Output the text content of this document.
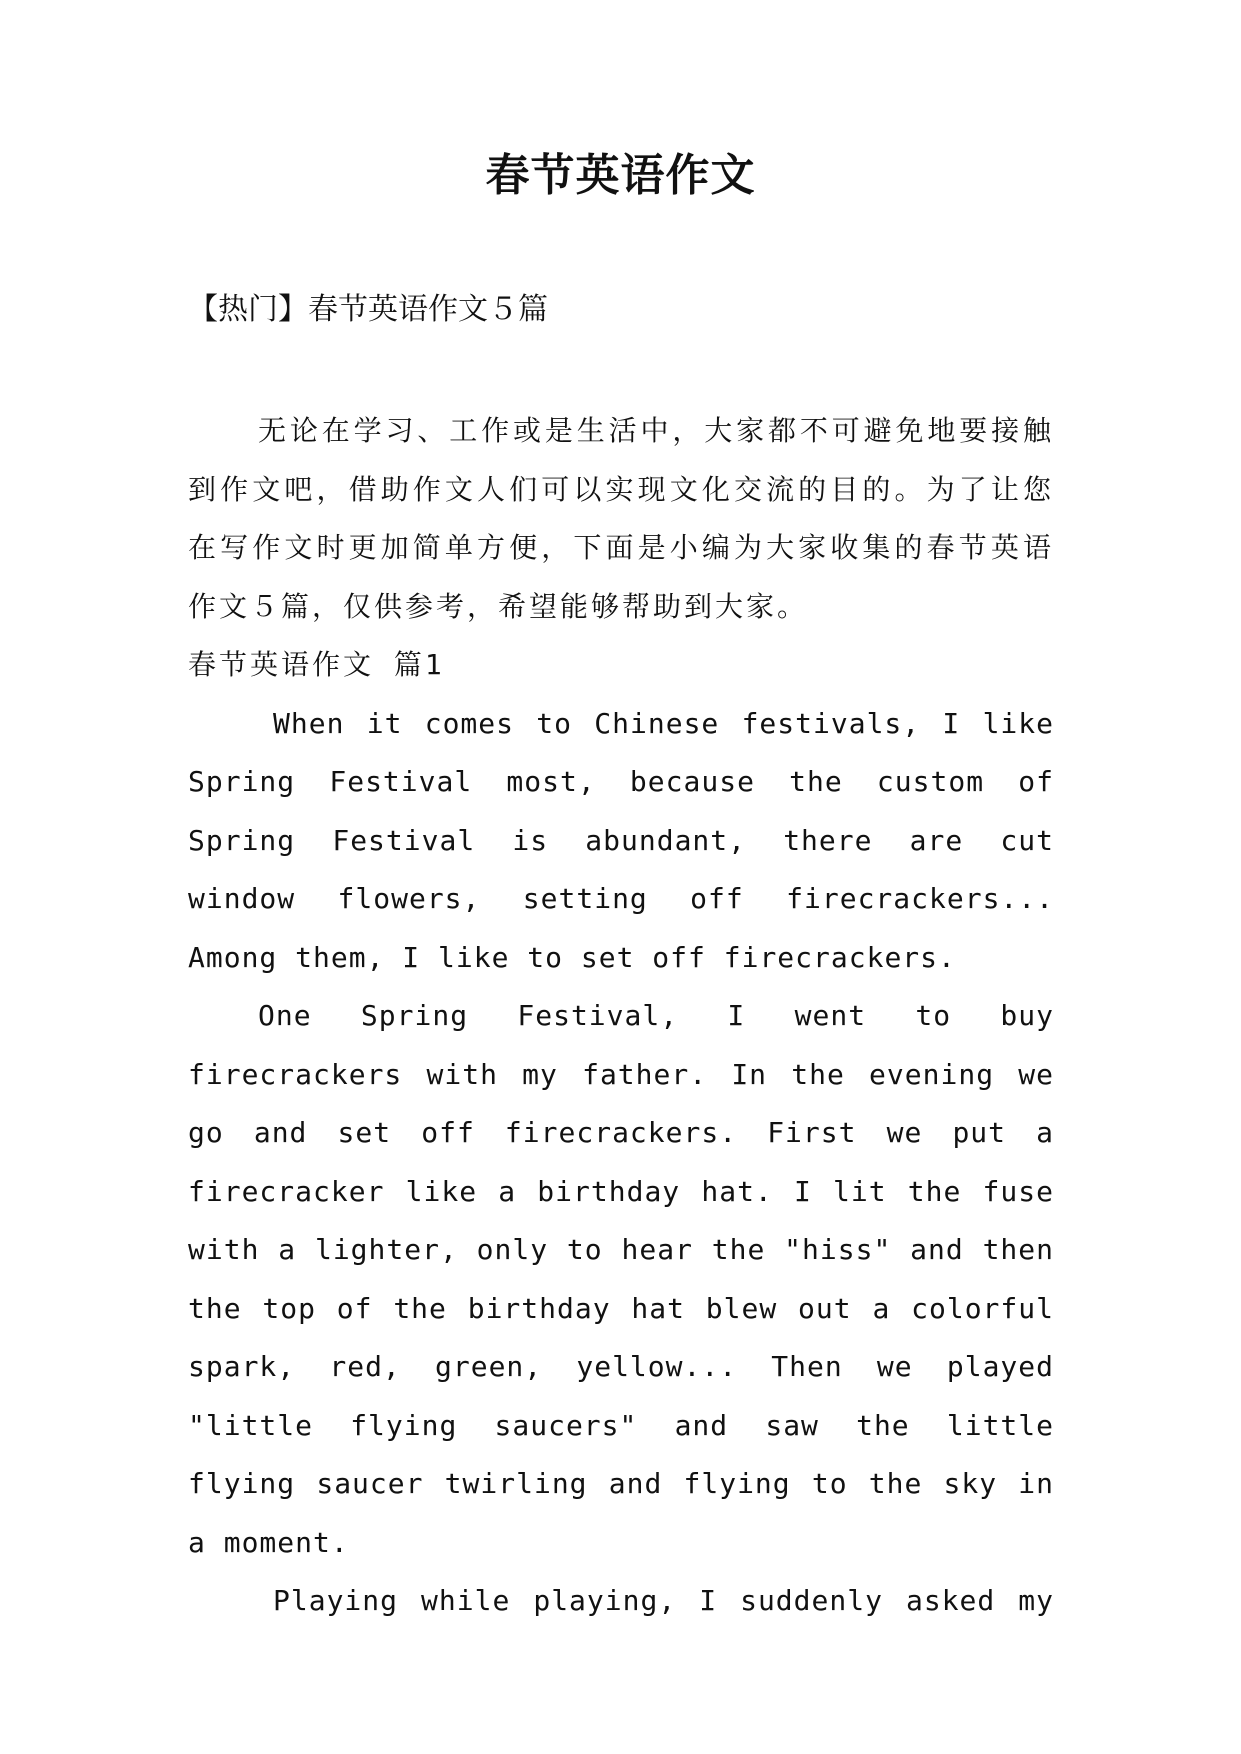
春节英语作文
【热门】春节英语作文５篇

无论在学习、工作或是生活中，大家都不可避免地要接触到作文吧，借助作文人们可以实现文化交流的目的。为了让您在写作文时更加简单方便，下面是小编为大家收集的春节英语作文５篇，仅供参考，希望能够帮助到大家。

春节英语作文 篇1

When it comes to Chinese festivals, I like Spring Festival most, because the custom of Spring Festival is abundant, there are cut window flowers, setting off firecrackers... Among them, I like to set off firecrackers.

One Spring Festival, I went to buy firecrackers with my father. In the evening we go and set off firecrackers. First we put a firecracker like a birthday hat. I lit the fuse with a lighter, only to hear the "hiss" and then the top of the birthday hat blew out a colorful spark, red, green, yellow... Then we played "little flying saucers" and saw the little flying saucer twirling and flying to the sky in a moment.

Playing while playing, I suddenly asked my
